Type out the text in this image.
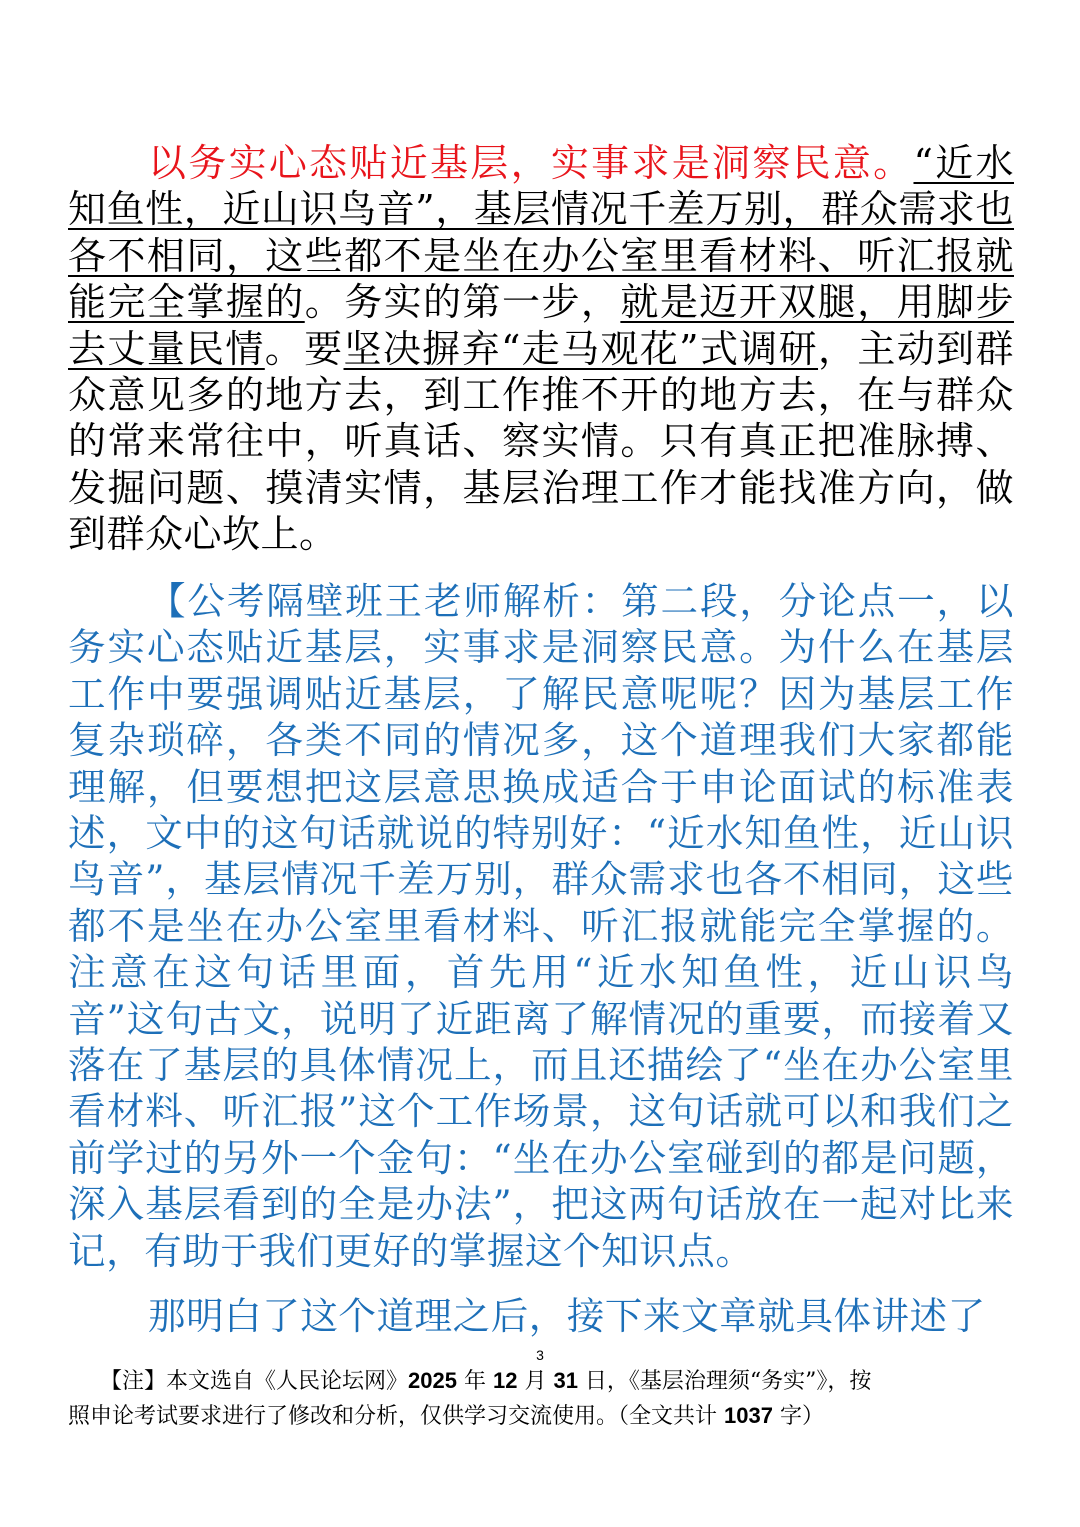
以务实心态贴近基层，实事求是洞察民意。“近水知鱼性，近山识鸟音”，基层情况千差万别，群众需求也各不相同，这些都不是坐在办公室里看材料、听汇报就能完全掌握的。务实的第一步，就是迈开双腿，用脚步去丈量民情。要坚决摒弃“走马观花”式调研，主动到群众意见多的地方去，到工作推不开的地方去，在与群众的常来常往中，听真话、察实情。只有真正把准脉搏、发掘问题、摸清实情，基层治理工作才能找准方向，做到群众心坎上。

【公考隔壁班王老师解析：第二段，分论点一，以务实心态贴近基层，实事求是洞察民意。为什么在基层工作中要强调贴近基层，了解民意呢呢？因为基层工作复杂琐碎，各类不同的情况多，这个道理我们大家都能理解，但要想把这层意思换成适合于申论面试的标准表述，文中的这句话就说的特别好：“近水知鱼性，近山识鸟音”，基层情况千差万别，群众需求也各不相同，这些都不是坐在办公室里看材料、听汇报就能完全掌握的。注意在这句话里面，首先用“近水知鱼性，近山识鸟音”这句古文，说明了近距离了解情况的重要，而接着又落在了基层的具体情况上，而且还描绘了“坐在办公室里看材料、听汇报”这个工作场景，这句话就可以和我们之前学过的另外一个金句：“坐在办公室碰到的都是问题，深入基层看到的全是办法”，把这两句话放在一起对比来记，有助于我们更好的掌握这个知识点。

那明白了这个道理之后，接下来文章就具体讲述了

3

【注】本文选自《人民论坛网》2025 年 12 月 31 日，《基层治理须“务实”》，按
照申论考试要求进行了修改和分析，仅供学习交流使用。（全文共计 1037 字）
